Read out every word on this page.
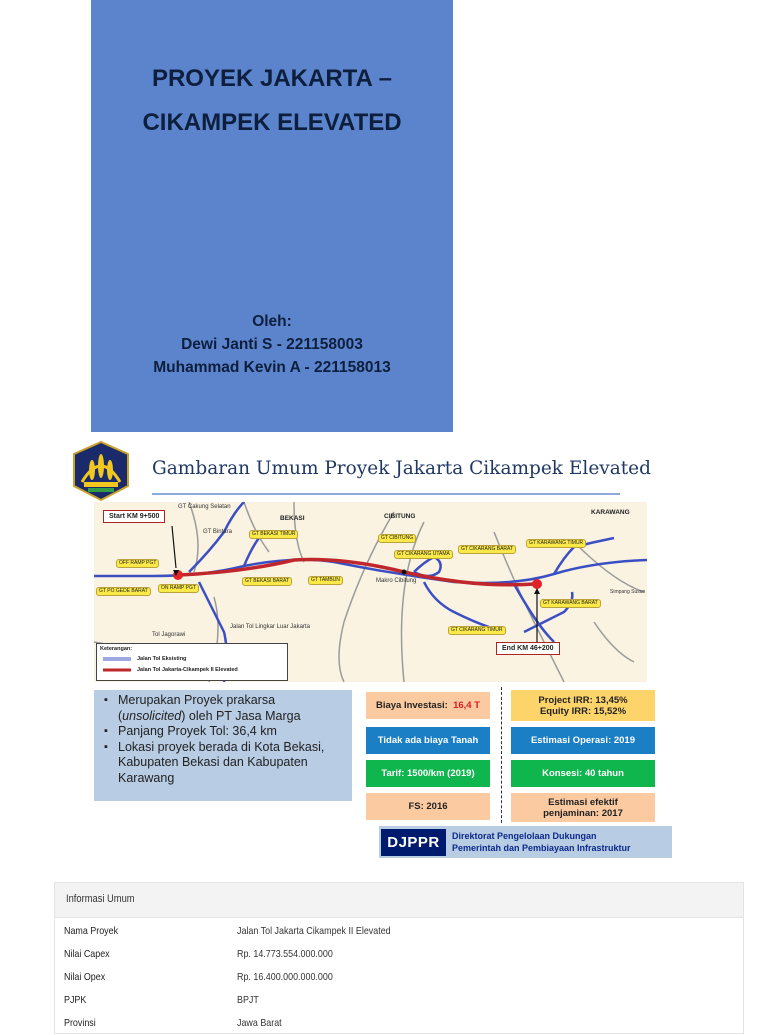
PROYEK JAKARTA –
CIKAMPEK ELEVATED
Oleh:
Dewi Janti S - 221158003
Muhammad Kevin A - 221158013
Gambaran Umum Proyek Jakarta Cikampek Elevated
Start KM 9+500
End KM 46+200
BEKASI	CIBITUNG
KARAWANG
GT Cakung Selatan
GT Bintara
Makro Cibitung
Jalan Tol Lingkar Luar Jakarta
Tol Jagorawi
Simpang Susun
GT BEKASI TIMUR
GT CIBITUNG
GT CIKARANG UTAMA
GT CIKARANG BARAT
GT KARAWANG TIMUR
OFF RAMP PGT
ON RAMP PGT
GT PO GEDE BARAT
GT BEKASI BARAT	GT TAMBUN
GT KARAWANG BARAT
GT CIKARANG TIMUR
Keterangan:
Jalan Tol Eksisting
Jalan Tol Jakarta-Cikampek II Elevated
▪ Merupakan Proyek prakarsa
(unsolicited) oleh PT Jasa Marga
▪ Panjang Proyek Tol: 36,4 km
▪ Lokasi proyek berada di Kota Bekasi,
Kabupaten Bekasi dan Kabupaten
Karawang
Biaya Investasi:
16,4 T
Tidak ada biaya Tanah
Tarif: 1500/km (2019)
FS: 2016
Project IRR: 13,45%
Equity IRR: 15,52%
Estimasi Operasi: 2019
Konsesi: 40 tahun
Estimasi efektif
penjaminan: 2017
DJPPR	Direktorat Pengelolaan Dukungan
Pemerintah dan Pembiayaan Infrastruktur
Informasi Umum
Nama Proyek	Jalan Tol Jakarta Cikampek II Elevated
Nilai Capex	Rp. 14.773.554.000.000
Nilai Opex	Rp. 16.400.000.000.000
PJPK	BPJT
Provinsi	Jawa Barat
